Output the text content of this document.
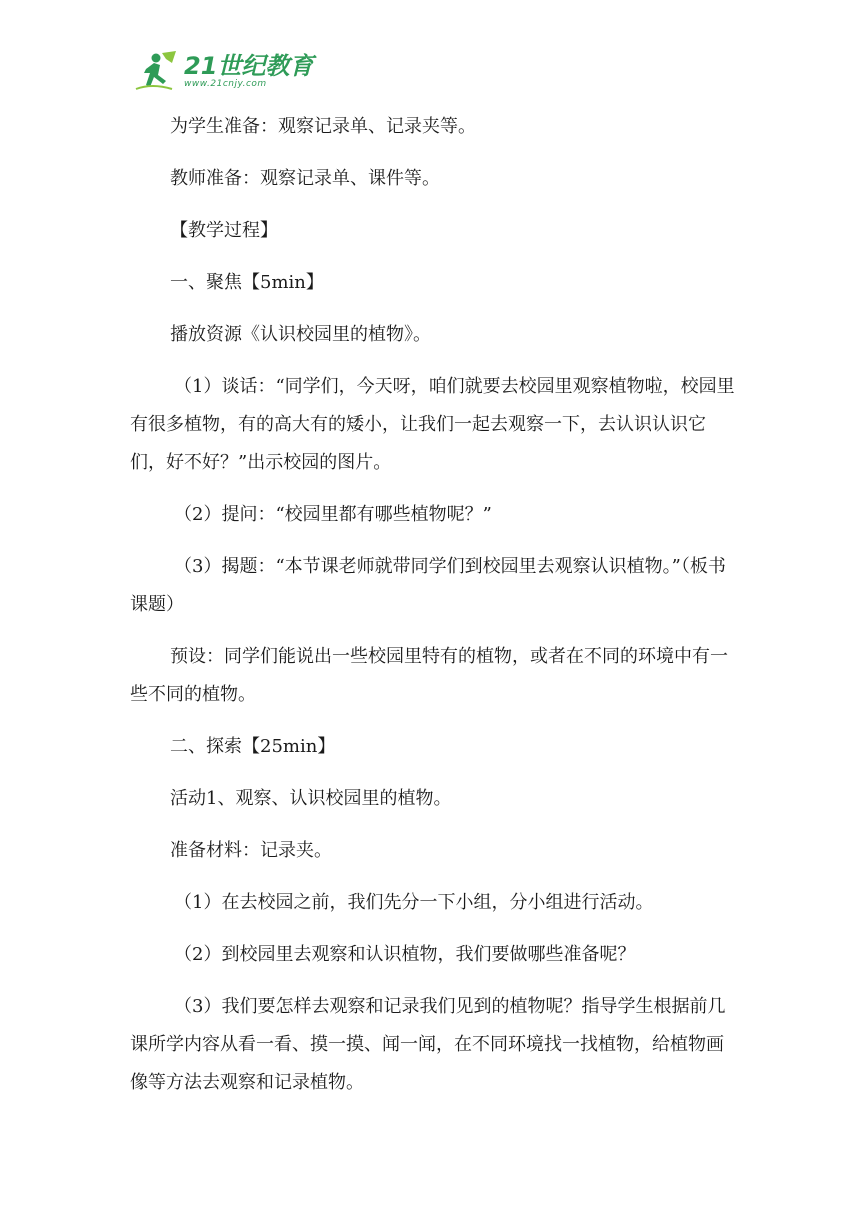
21世纪教育
www.21cnjy.com

为学生准备：观察记录单、记录夹等。

教师准备：观察记录单、课件等。

【教学过程】

一、聚焦【5min】

播放资源《认识校园里的植物》。

（1）谈话：“同学们，今天呀，咱们就要去校园里观察植物啦，校园里有很多植物，有的高大有的矮小，让我们一起去观察一下，去认识认识它们，好不好？”出示校园的图片。

（2）提问：“校园里都有哪些植物呢？”

（3）揭题：“本节课老师就带同学们到校园里去观察认识植物。”（板书课题）

预设：同学们能说出一些校园里特有的植物，或者在不同的环境中有一些不同的植物。

二、探索【25min】

活动1、观察、认识校园里的植物。

准备材料：记录夹。

（1）在去校园之前，我们先分一下小组，分小组进行活动。

（2）到校园里去观察和认识植物，我们要做哪些准备呢？

（3）我们要怎样去观察和记录我们见到的植物呢？指导学生根据前几课所学内容从看一看、摸一摸、闻一闻，在不同环境找一找植物，给植物画像等方法去观察和记录植物。
